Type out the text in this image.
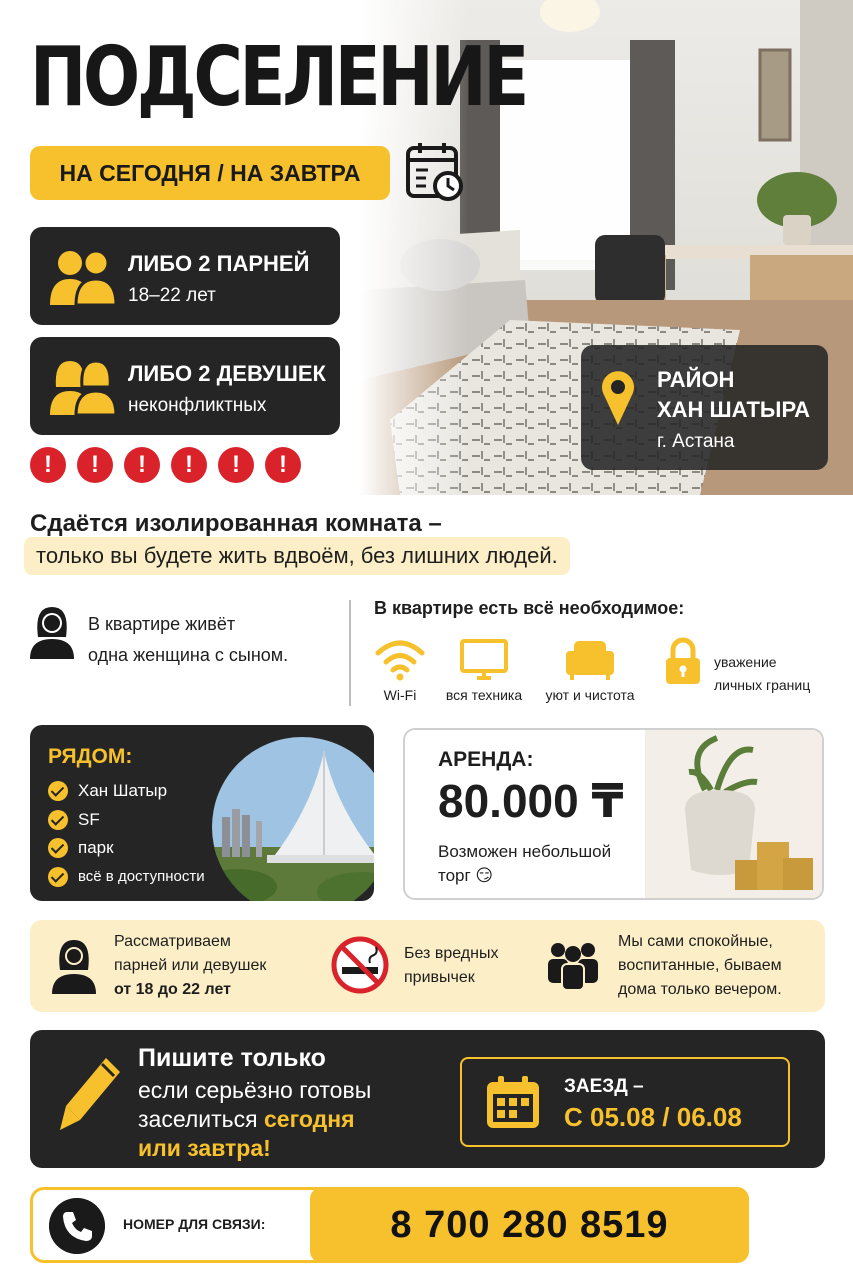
ПОДСЕЛЕНИЕ
НА СЕГОДНЯ / НА ЗАВТРА
ЛИБО 2 ПАРНЕЙ
18–22 лет
ЛИБО 2 ДЕВУШЕК
неконфликтных
!	!	!	!	!	!
РАЙОН
ХАН ШАТЫРА
г. Астана
Сдаётся изолированная комната –
только вы будете жить вдвоём, без лишних людей.
В квартире живёт
одна женщина с сыном.
В квартире есть всё необходимое:
Wi-Fi	вся техника	уют и чистота
уважение
личных границ
РЯДОМ:
Хан Шатыр
SF
парк
всё в доступности
АРЕНДА:
80.000 ₸
Возможен небольшой торг 😏
Рассматриваем
парней или девушек
от 18 до 22 лет
Без вредных
привычек
Мы сами спокойные,
воспитанные, бываем
дома только вечером.
Пишите только
если серьёзно готовы
заселиться сегодня
или завтра!
ЗАЕЗД –
С 05.08 / 06.08
НОМЕР ДЛЯ СВЯЗИ:	8 700 280 8519
